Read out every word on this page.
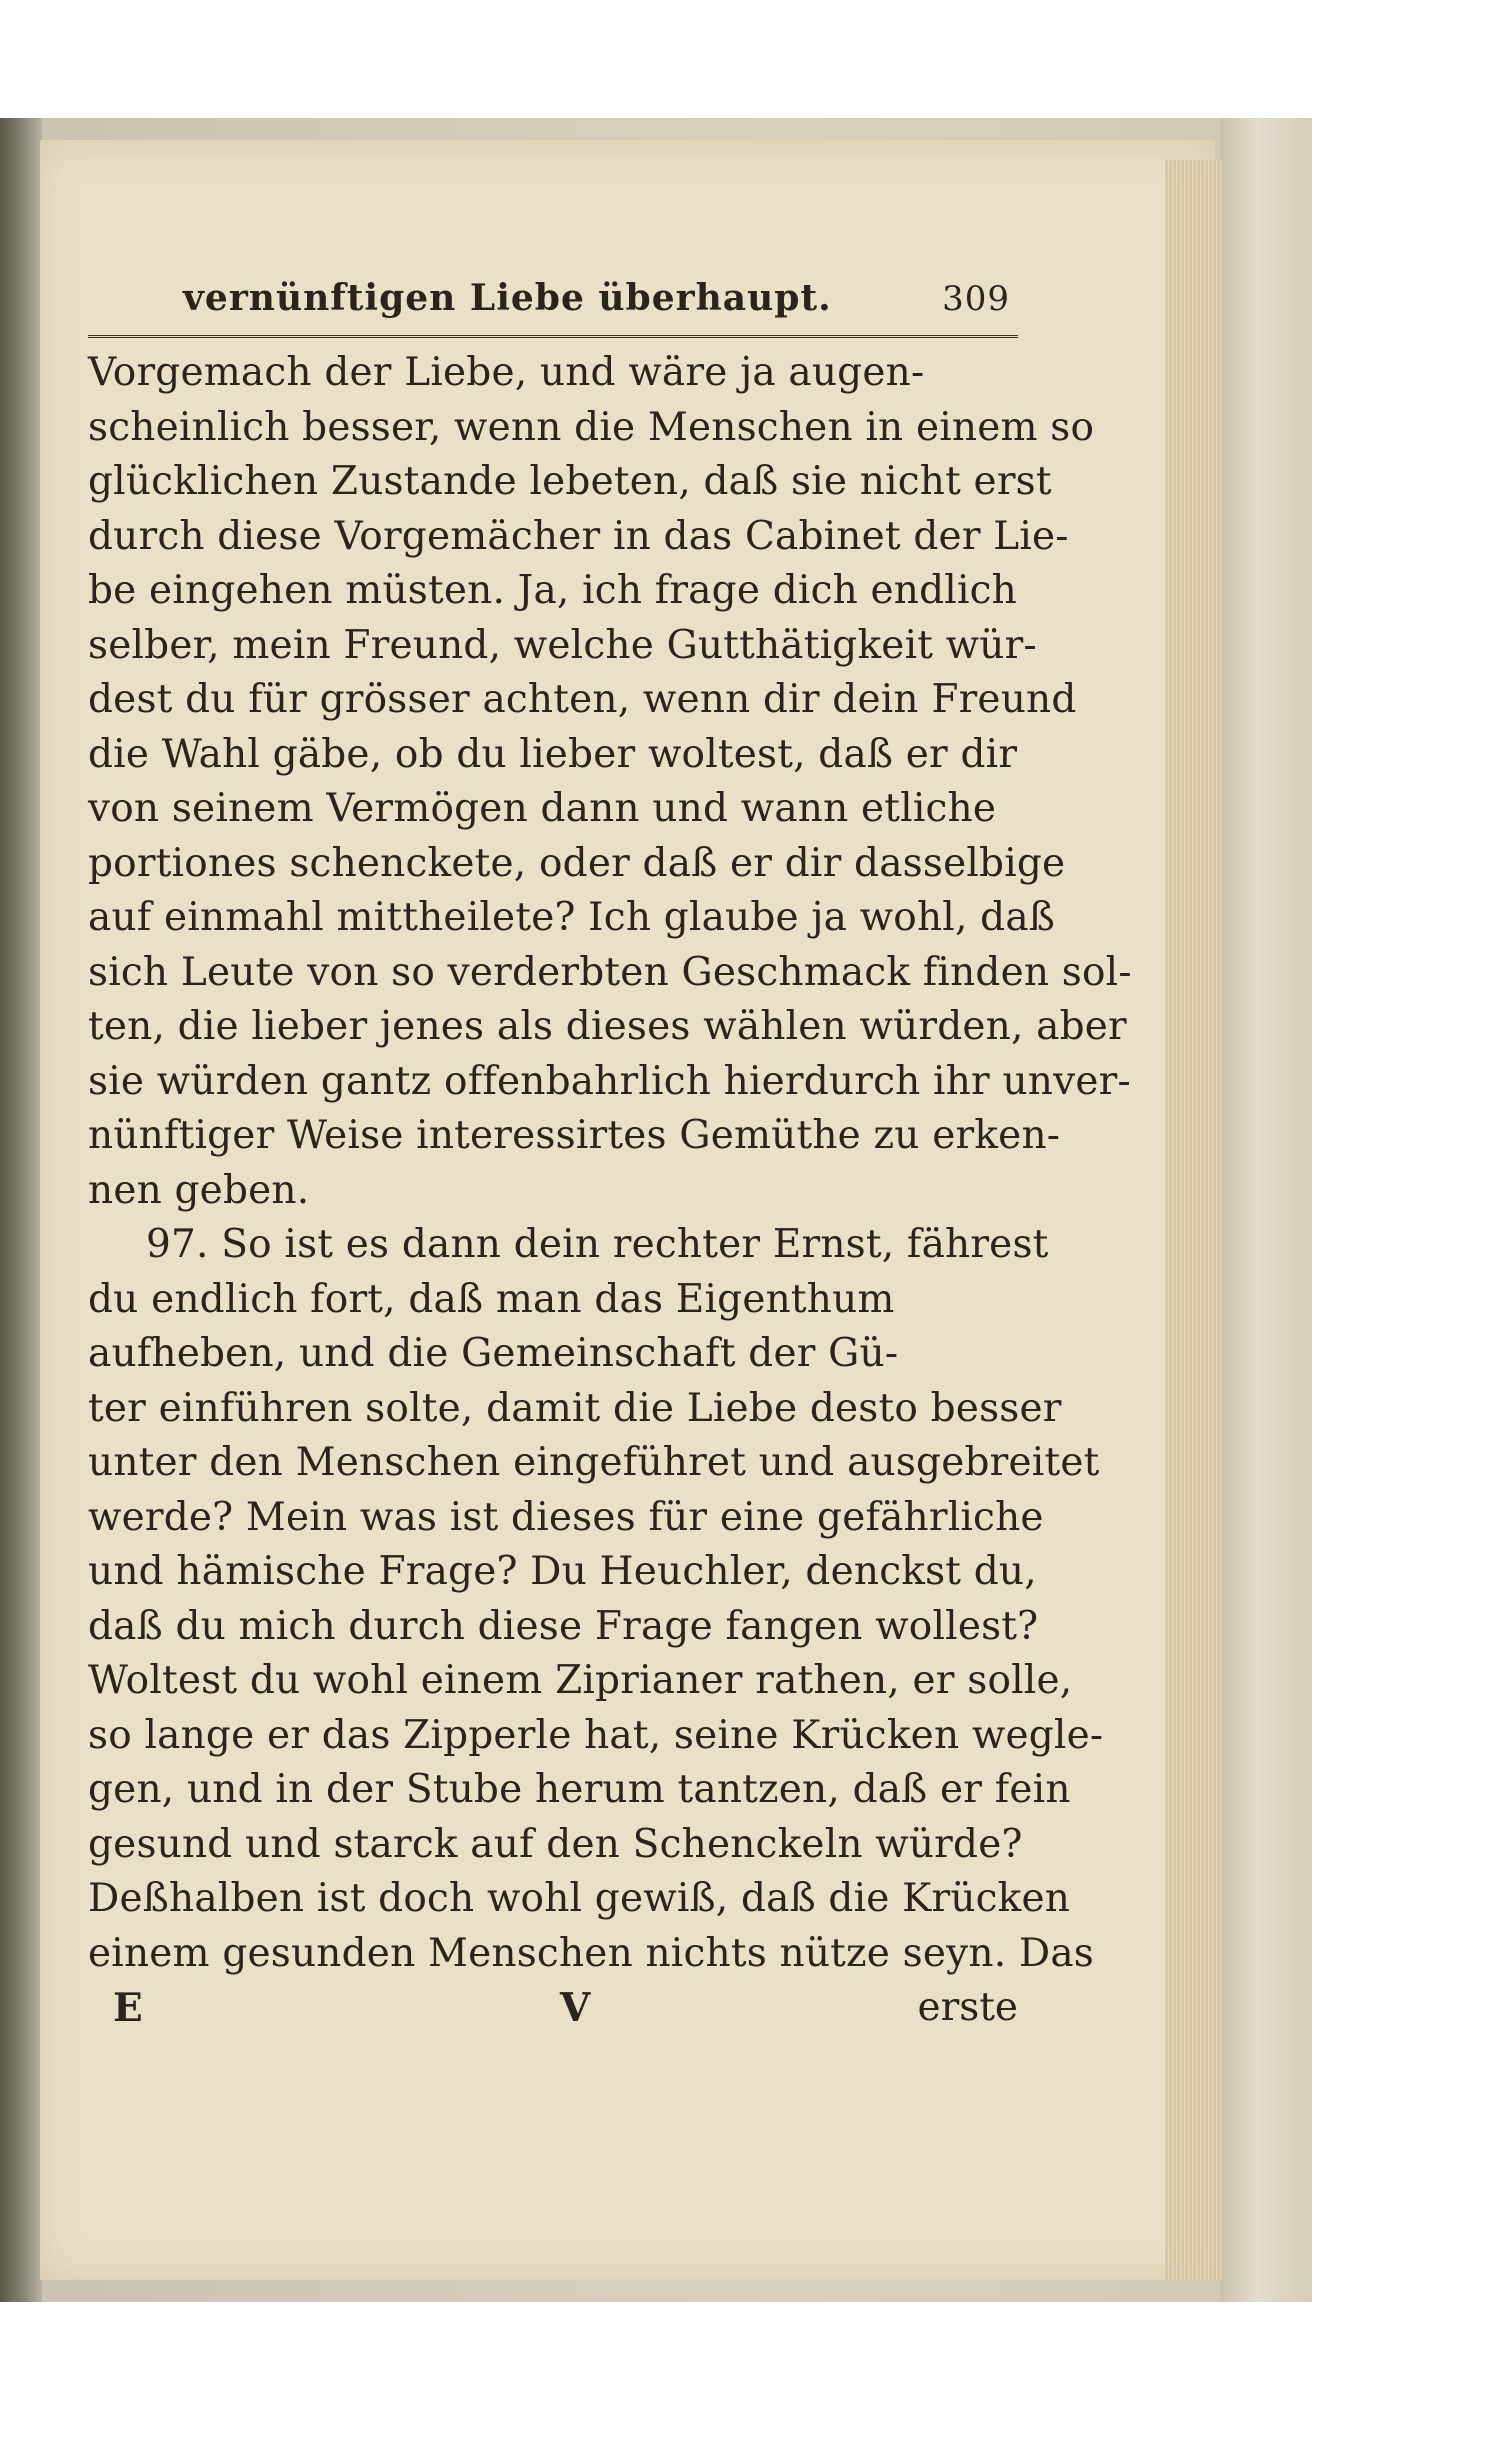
vernünftigen Liebe überhaupt.	309
Vorgemach der Liebe, und wäre ja augen-
scheinlich besser, wenn die Menschen in einem so
glücklichen Zustande lebeten, daß sie nicht erst
durch diese Vorgemächer in das Cabinet der Lie-
be eingehen müsten. Ja, ich frage dich endlich
selber, mein Freund, welche Gutthätigkeit wür-
dest du für grösser achten, wenn dir dein Freund
die Wahl gäbe, ob du lieber woltest, daß er dir
von seinem Vermögen dann und wann etliche
portiones schenckete, oder daß er dir dasselbige
auf einmahl mittheilete? Ich glaube ja wohl, daß
sich Leute von so verderbten Geschmack finden sol-
ten, die lieber jenes als dieses wählen würden, aber
sie würden gantz offenbahrlich hierdurch ihr unver-
nünftiger Weise interessirtes Gemüthe zu erken-
nen geben.
97. So ist es dann dein rechter Ernst, fährest
du endlich fort, daß man das Eigenthum
aufheben, und die Gemeinschaft der Gü-
ter einführen solte, damit die Liebe desto besser
unter den Menschen eingeführet und ausgebreitet
werde? Mein was ist dieses für eine gefährliche
und hämische Frage? Du Heuchler, denckst du,
daß du mich durch diese Frage fangen wollest?
Woltest du wohl einem Ziprianer rathen, er solle,
so lange er das Zipperle hat, seine Krücken wegle-
gen, und in der Stube herum tantzen, daß er fein
gesund und starck auf den Schenckeln würde?
Deßhalben ist doch wohl gewiß, daß die Krücken
einem gesunden Menschen nichts nütze seyn. Das
E	V	erste
